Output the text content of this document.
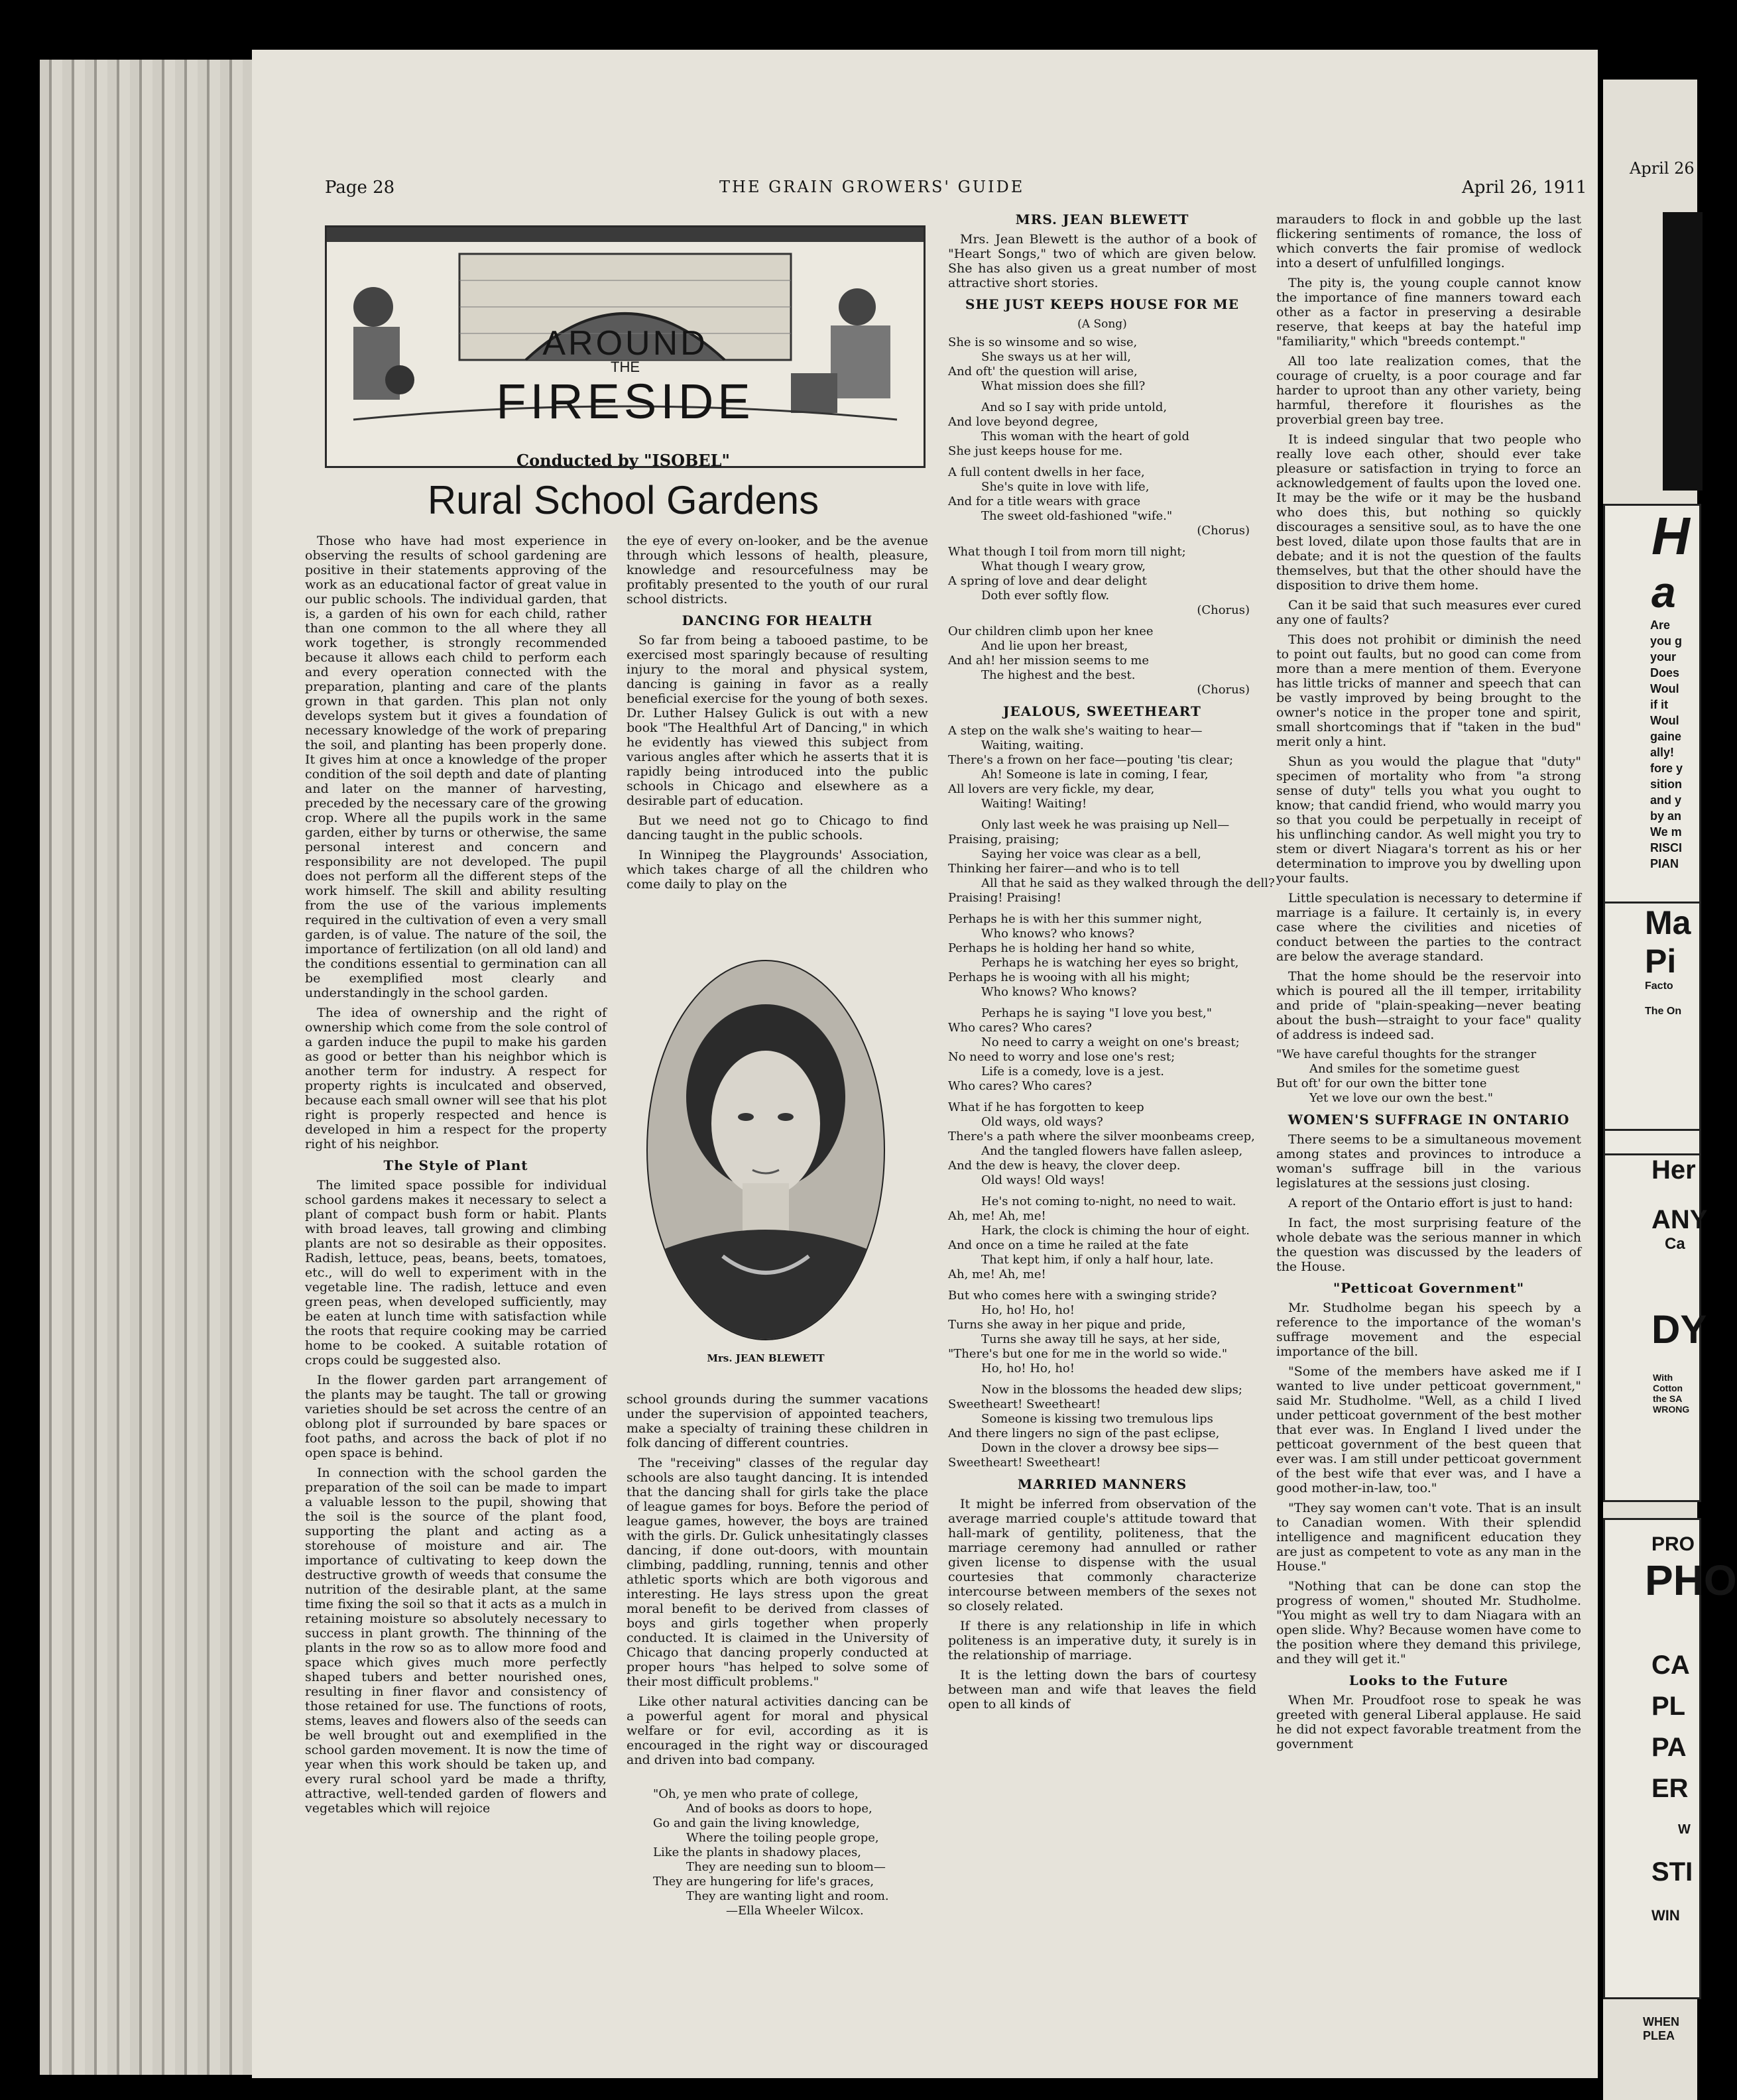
Page 28	THE GRAIN GROWERS' GUIDE	April 26, 1911
AROUND
THE
FIRESIDE
Conducted by "ISOBEL"
Rural School Gardens

Those who have had most experience in observing the results of school gardening are positive in their statements approving of the work as an educational factor of great value in our public schools. The individual garden, that is, a garden of his own for each child, rather than one common to the all where they all work together, is strongly recommended because it allows each child to perform each and every operation connected with the preparation, planting and care of the plants grown in that garden. This plan not only develops system but it gives a foundation of necessary knowledge of the work of preparing the soil, and planting has been properly done. It gives him at once a knowledge of the proper condition of the soil depth and date of planting and later on the manner of harvesting, preceded by the necessary care of the growing crop. Where all the pupils work in the same garden, either by turns or otherwise, the same personal interest and concern and responsibility are not developed. The pupil does not perform all the different steps of the work himself. The skill and ability resulting from the use of the various implements required in the cultivation of even a very small garden, is of value. The nature of the soil, the importance of fertilization (on all old land) and the conditions essential to germination can all be exemplified most clearly and understandingly in the school garden.

The idea of ownership and the right of ownership which come from the sole control of a garden induce the pupil to make his garden as good or better than his neighbor which is another term for industry. A respect for property rights is inculcated and observed, because each small owner will see that his plot right is properly respected and hence is developed in him a respect for the property right of his neighbor.

The Style of Plant

The limited space possible for individual school gardens makes it necessary to select a plant of compact bush form or habit. Plants with broad leaves, tall growing and climbing plants are not so desirable as their opposites. Radish, lettuce, peas, beans, beets, tomatoes, etc., will do well to experiment with in the vegetable line. The radish, lettuce and even green peas, when developed sufficiently, may be eaten at lunch time with satisfaction while the roots that require cooking may be carried home to be cooked. A suitable rotation of crops could be suggested also.

In the flower garden part arrangement of the plants may be taught. The tall or growing varieties should be set across the centre of an oblong plot if surrounded by bare spaces or foot paths, and across the back of plot if no open space is behind.

In connection with the school garden the preparation of the soil can be made to impart a valuable lesson to the pupil, showing that the soil is the source of the plant food, supporting the plant and acting as a storehouse of moisture and air. The importance of cultivating to keep down the destructive growth of weeds that consume the nutrition of the desirable plant, at the same time fixing the soil so that it acts as a mulch in retaining moisture so absolutely necessary to success in plant growth. The thinning of the plants in the row so as to allow more food and space which gives much more perfectly shaped tubers and better nourished ones, resulting in finer flavor and consistency of those retained for use. The functions of roots, stems, leaves and flowers also of the seeds can be well brought out and exemplified in the school garden movement. It is now the time of year when this work should be taken up, and every rural school yard be made a thrifty, attractive, well-tended garden of flowers and vegetables which will rejoice

the eye of every on-looker, and be the avenue through which lessons of health, pleasure, knowledge and resourcefulness may be profitably presented to the youth of our rural school districts.

DANCING FOR HEALTH

So far from being a tabooed pastime, to be exercised most sparingly because of resulting injury to the moral and physical system, dancing is gaining in favor as a really beneficial exercise for the young of both sexes. Dr. Luther Halsey Gulick is out with a new book "The Healthful Art of Dancing," in which he evidently has viewed this subject from various angles after which he asserts that it is rapidly being introduced into the public schools in Chicago and elsewhere as a desirable part of education.

But we need not go to Chicago to find dancing taught in the public schools.

In Winnipeg the Playgrounds' Association, which takes charge of all the children who come daily to play on the

Mrs. JEAN BLEWETT

school grounds during the summer vacations under the supervision of appointed teachers, make a specialty of training these children in folk dancing of different countries.

The "receiving" classes of the regular day schools are also taught dancing. It is intended that the dancing shall for girls take the place of league games for boys. Before the period of league games, however, the boys are trained with the girls. Dr. Gulick unhesitatingly classes dancing, if done out-doors, with mountain climbing, paddling, running, tennis and other athletic sports which are both vigorous and interesting. He lays stress upon the great moral benefit to be derived from classes of boys and girls together when properly conducted. It is claimed in the University of Chicago that dancing properly conducted at proper hours "has helped to solve some of their most difficult problems."

Like other natural activities dancing can be a powerful agent for moral and physical welfare or for evil, according as it is encouraged in the right way or discouraged and driven into bad company.

"Oh, ye men who prate of college,
And of books as doors to hope,
Go and gain the living knowledge,
Where the toiling people grope,
Like the plants in shadowy places,
They are needing sun to bloom—
They are hungering for life's graces,
They are wanting light and room.
—Ella Wheeler Wilcox.
MRS. JEAN BLEWETT

Mrs. Jean Blewett is the author of a book of "Heart Songs," two of which are given below. She has also given us a great number of most attractive short stories.

SHE JUST KEEPS HOUSE FOR ME
(A Song)
She is so winsome and so wise,
She sways us at her will,
And oft' the question will arise,
What mission does she fill?
And so I say with pride untold,
And love beyond degree,
This woman with the heart of gold
She just keeps house for me.
A full content dwells in her face,
She's quite in love with life,
And for a title wears with grace
The sweet old-fashioned "wife."
(Chorus)
What though I toil from morn till night;
What though I weary grow,
A spring of love and dear delight
Doth ever softly flow.
(Chorus)
Our children climb upon her knee
And lie upon her breast,
And ah! her mission seems to me
The highest and the best.
(Chorus)
JEALOUS, SWEETHEART
A step on the walk she's waiting to hear—
Waiting, waiting.
There's a frown on her face—pouting 'tis clear;
Ah! Someone is late in coming, I fear,
All lovers are very fickle, my dear,
Waiting! Waiting!
Only last week he was praising up Nell—
Praising, praising;
Saying her voice was clear as a bell,
Thinking her fairer—and who is to tell
All that he said as they walked through the dell?
Praising! Praising!
Perhaps he is with her this summer night,
Who knows? who knows?
Perhaps he is holding her hand so white,
Perhaps he is watching her eyes so bright,
Perhaps he is wooing with all his might;
Who knows? Who knows?
Perhaps he is saying "I love you best,"
Who cares? Who cares?
No need to carry a weight on one's breast;
No need to worry and lose one's rest;
Life is a comedy, love is a jest.
Who cares? Who cares?
What if he has forgotten to keep
Old ways, old ways?
There's a path where the silver moonbeams creep,
And the tangled flowers have fallen asleep,
And the dew is heavy, the clover deep.
Old ways! Old ways!
He's not coming to-night, no need to wait.
Ah, me! Ah, me!
Hark, the clock is chiming the hour of eight.
And once on a time he railed at the fate
That kept him, if only a half hour, late.
Ah, me! Ah, me!
But who comes here with a swinging stride?
Ho, ho! Ho, ho!
Turns she away in her pique and pride,
Turns she away till he says, at her side,
"There's but one for me in the world so wide."
Ho, ho! Ho, ho!
Now in the blossoms the headed dew slips;
Sweetheart! Sweetheart!
Someone is kissing two tremulous lips
And there lingers no sign of the past eclipse,
Down in the clover a drowsy bee sips—
Sweetheart! Sweetheart!
MARRIED MANNERS

It might be inferred from observation of the average married couple's attitude toward that hall-mark of gentility, politeness, that the marriage ceremony had annulled or rather given license to dispense with the usual courtesies that commonly characterize intercourse between members of the sexes not so closely related.

If there is any relationship in life in which politeness is an imperative duty, it surely is in the relationship of marriage.

It is the letting down the bars of courtesy between man and wife that leaves the field open to all kinds of

marauders to flock in and gobble up the last flickering sentiments of romance, the loss of which converts the fair promise of wedlock into a desert of unfulfilled longings.

The pity is, the young couple cannot know the importance of fine manners toward each other as a factor in preserving a desirable reserve, that keeps at bay the hateful imp "familiarity," which "breeds contempt."

All too late realization comes, that the courage of cruelty, is a poor courage and far harder to uproot than any other variety, being harmful, therefore it flourishes as the proverbial green bay tree.

It is indeed singular that two people who really love each other, should ever take pleasure or satisfaction in trying to force an acknowledgement of faults upon the loved one. It may be the wife or it may be the husband who does this, but nothing so quickly discourages a sensitive soul, as to have the one best loved, dilate upon those faults that are in debate; and it is not the question of the faults themselves, but that the other should have the disposition to drive them home.

Can it be said that such measures ever cured any one of faults?

This does not prohibit or diminish the need to point out faults, but no good can come from more than a mere mention of them. Everyone has little tricks of manner and speech that can be vastly improved by being brought to the owner's notice in the proper tone and spirit, small shortcomings that if "taken in the bud" merit only a hint.

Shun as you would the plague that "duty" specimen of mortality who from "a strong sense of duty" tells you what you ought to know; that candid friend, who would marry you so that you could be perpetually in receipt of his unflinching candor. As well might you try to stem or divert Niagara's torrent as his or her determination to improve you by dwelling upon your faults.

Little speculation is necessary to determine if marriage is a failure. It certainly is, in every case where the civilities and niceties of conduct between the parties to the contract are below the average standard.

That the home should be the reservoir into which is poured all the ill temper, irritability and pride of "plain-speaking—never beating about the bush—straight to your face" quality of address is indeed sad.

"We have careful thoughts for the stranger
And smiles for the sometime guest
But oft' for our own the bitter tone
Yet we love our own the best."
WOMEN'S SUFFRAGE IN ONTARIO

There seems to be a simultaneous movement among states and provinces to introduce a woman's suffrage bill in the various legislatures at the sessions just closing.

A report of the Ontario effort is just to hand:

In fact, the most surprising feature of the whole debate was the serious manner in which the question was discussed by the leaders of the House.

"Petticoat Government"

Mr. Studholme began his speech by a reference to the importance of the woman's suffrage movement and the especial importance of the bill.

"Some of the members have asked me if I wanted to live under petticoat government," said Mr. Studholme. "Well, as a child I lived under petticoat government of the best mother that ever was. In England I lived under the petticoat government of the best queen that ever was. I am still under petticoat government of the best wife that ever was, and I have a good mother-in-law, too."

"They say women can't vote. That is an insult to Canadian women. With their splendid intelligence and magnificent education they are just as competent to vote as any man in the House."

"Nothing that can be done can stop the progress of women," shouted Mr. Studholme. "You might as well try to dam Niagara with an open slide. Why? Because women have come to the position where they demand this privilege, and they will get it."

Looks to the Future

When Mr. Proudfoot rose to speak he was greeted with general Liberal applause. He said he did not expect favorable treatment from the government

April 26
H
a
Are
you g
your
Does
Woul
if it
Woul
gaine
ally!
fore y
sition
and y
by an
We m
RISCI
PIAN
Ma
Pi
Facto
The On
Her
ANY
Ca
DY
With
Cotton
the SA
WRONG
PRO
PHO
CA
PL
PA
ER
W
STI
WIN
WHEN
PLEA
